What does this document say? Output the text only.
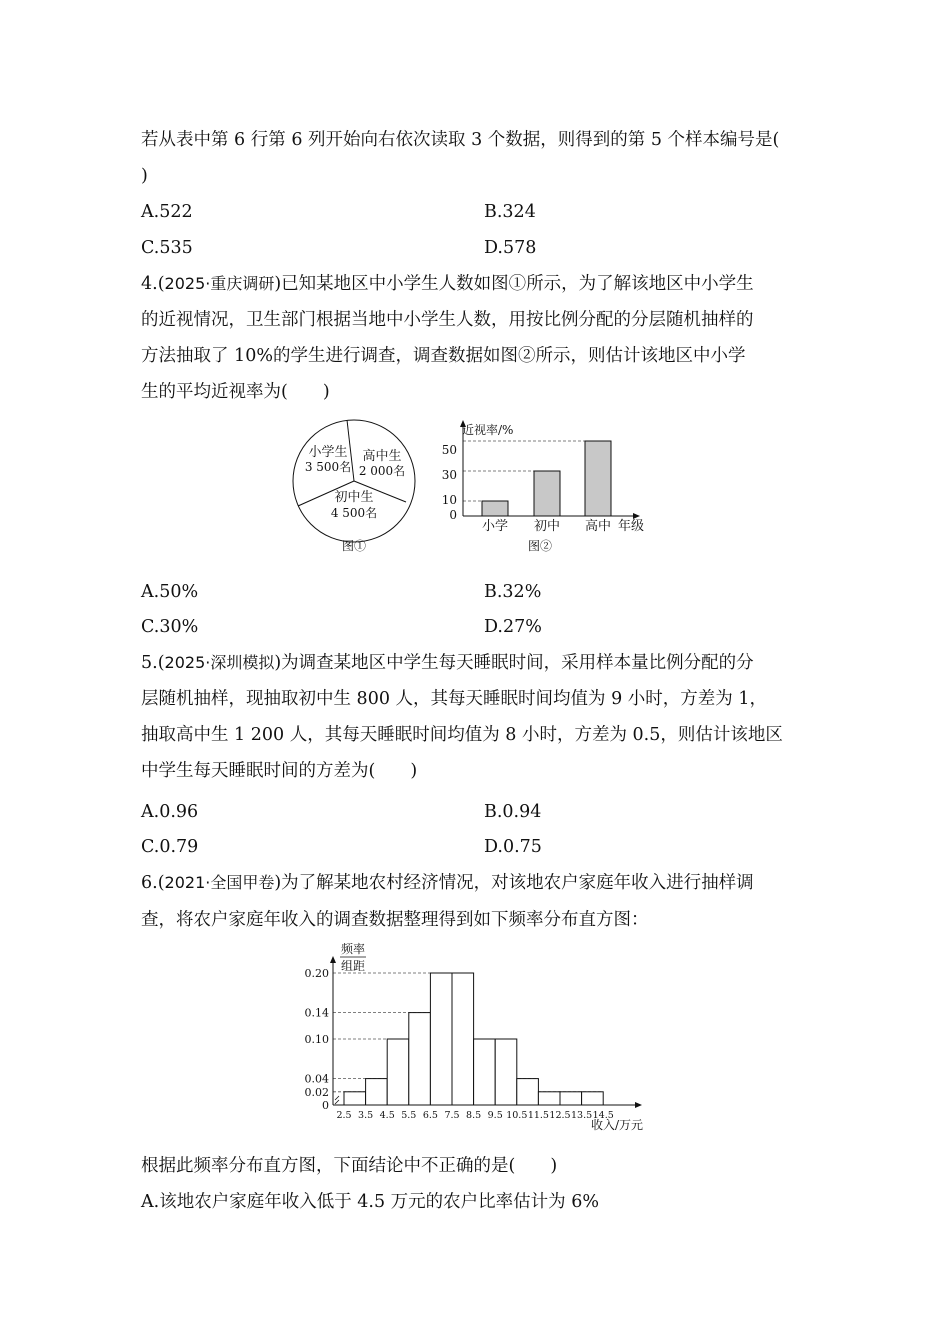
若从表中第 6 行第 6 列开始向右依次读取 3 个数据，则得到的第 5 个样本编号是(
)
A.522	B.324
C.535	D.578
4.(2025·重庆调研)已知某地区中小学生人数如图①所示，为了解该地区中小学生
的近视情况，卫生部门根据当地中小学生人数，用按比例分配的分层随机抽样的
方法抽取了 10%的学生进行调查，调查数据如图②所示，则估计该地区中小学
生的平均近视率为(　　)
小学生
3 500名
高中生
2 000名
初中生
4 500名
图①
近视率/%
50
30
10
0
小学 初中 高中 年级
图②
A.50%	B.32%
C.30%	D.27%
5.(2025·深圳模拟)为调查某地区中学生每天睡眠时间，采用样本量比例分配的分
层随机抽样，现抽取初中生 800 人，其每天睡眠时间均值为 9 小时，方差为 1，
抽取高中生 1 200 人，其每天睡眠时间均值为 8 小时，方差为 0.5，则估计该地区
中学生每天睡眠时间的方差为(　　)
A.0.96	B.0.94
C.0.79	D.0.75
6.(2021·全国甲卷)为了解某地农村经济情况，对该地农户家庭年收入进行抽样调
查，将农户家庭年收入的调查数据整理得到如下频率分布直方图：
频率
组距
收入/万元
0.20
0.14
0.10
0.04
0.02
0
2.5 3.5 4.5 5.5 6.5 7.5 8.5 9.5 10.5 11.5 12.5 13.5 14.5
根据此频率分布直方图，下面结论中不正确的是(　　)
A.该地农户家庭年收入低于 4.5 万元的农户比率估计为 6%
